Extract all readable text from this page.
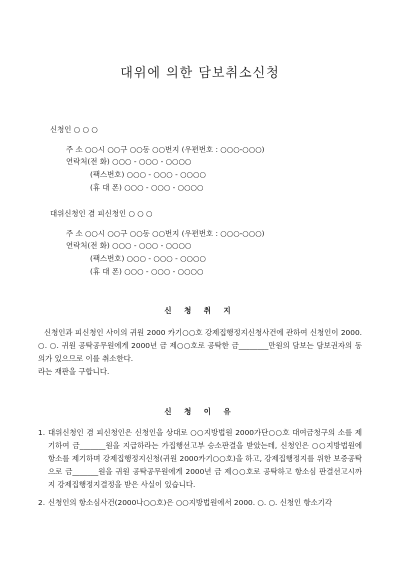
대위에 의한 담보취소신청
신청인 ○ ○ ○
주 소 ○○시 ○○구 ○○동 ○○번지 (우편번호 : ○○○-○○○)
연락처(전 화) ○○○ - ○○○ - ○○○○
(팩스번호) ○○○ - ○○○ - ○○○○
(휴 대 폰) ○○○ - ○○○ - ○○○○
대위신청인 겸 피신청인 ○ ○ ○
주 소 ○○시 ○○구 ○○동 ○○번지 (우편번호 : ○○○-○○○)
연락처(전 화) ○○○ - ○○○ - ○○○○
(팩스번호) ○○○ - ○○○ - ○○○○
(휴 대 폰) ○○○ - ○○○ - ○○○○
신 청 취 지
신청인과 피신청인 사이의 귀원 2000 카기○○호 강제집행정지신청사건에 관하여 신청인이 2000. ○. ○. 귀원 공탁공무원에게 2000년 금 제○○호로 공탁한 금________만원의 담보는 담보권자의 동의가 있으므로 이를 취소한다.
라는 재판을 구합니다.
신 청 이 유
1. 대위신청인 겸 피신청인은 신청인을 상대로 ○○지방법원 2000가단○○호 대여금청구의 소를 제기하여 금_______원을 지급하라는 가집행선고부 승소판결을 받았는데, 신청인은 ○○지방법원에 항소를 제기하며 강제집행정지신청(귀원 2000카기○○호)을 하고, 강제집행정지를 위한 보증공탁으로 금_______원을 귀원 공탁공무원에게 2000년 금 제○○호로 공탁하고 항소심 판결선고시까지 강제집행정지결정을 받은 사실이 있습니다.
2. 신청인의 항소심사건(2000나○○호)은 ○○지방법원에서 2000. ○. ○. 신청인 항소기각
